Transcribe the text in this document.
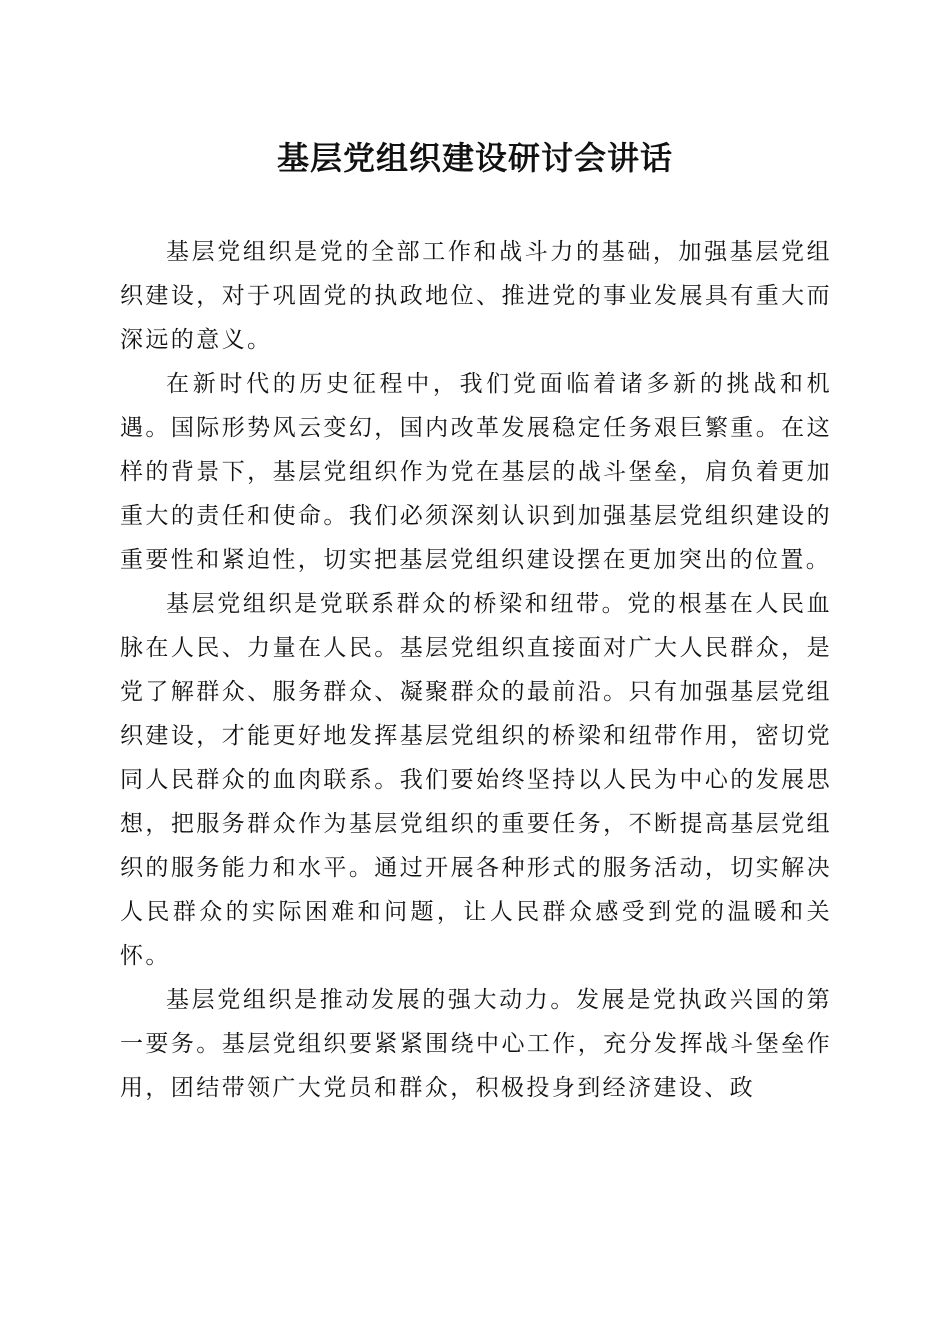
基层党组织建设研讨会讲话

基层党组织是党的全部工作和战斗力的基础，加强基层党组织建设，对于巩固党的执政地位、推进党的事业发展具有重大而深远的意义。

在新时代的历史征程中，我们党面临着诸多新的挑战和机遇。国际形势风云变幻，国内改革发展稳定任务艰巨繁重。在这样的背景下，基层党组织作为党在基层的战斗堡垒，肩负着更加重大的责任和使命。我们必须深刻认识到加强基层党组织建设的重要性和紧迫性，切实把基层党组织建设摆在更加突出的位置。

基层党组织是党联系群众的桥梁和纽带。党的根基在人民血脉在人民、力量在人民。基层党组织直接面对广大人民群众，是党了解群众、服务群众、凝聚群众的最前沿。只有加强基层党组织建设，才能更好地发挥基层党组织的桥梁和纽带作用，密切党同人民群众的血肉联系。我们要始终坚持以人民为中心的发展思想，把服务群众作为基层党组织的重要任务，不断提高基层党组织的服务能力和水平。通过开展各种形式的服务活动，切实解决人民群众的实际困难和问题，让人民群众感受到党的温暖和关怀。

基层党组织是推动发展的强大动力。发展是党执政兴国的第一要务。基层党组织要紧紧围绕中心工作，充分发挥战斗堡垒作用，团结带领广大党员和群众，积极投身到经济建设、政
